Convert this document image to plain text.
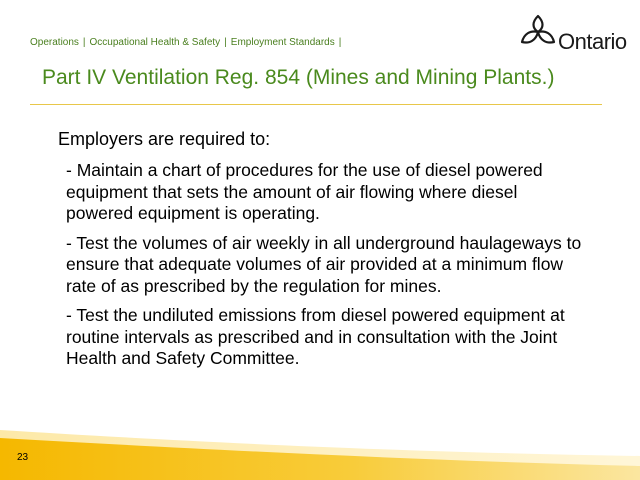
Operations | Occupational Health & Safety | Employment Standards |	Ontario
Part IV Ventilation Reg. 854 (Mines and Mining Plants.)

Employers are required to:

- Maintain a chart of procedures for the use of diesel powered equipment that sets the amount of air flowing where diesel powered equipment is operating.

- Test the volumes of air weekly in all underground haulageways to ensure that adequate volumes of air provided at a minimum flow rate of as prescribed by the regulation for mines.

- Test the undiluted emissions from diesel powered equipment at routine intervals as prescribed and in consultation with the Joint Health and Safety Committee.

23
